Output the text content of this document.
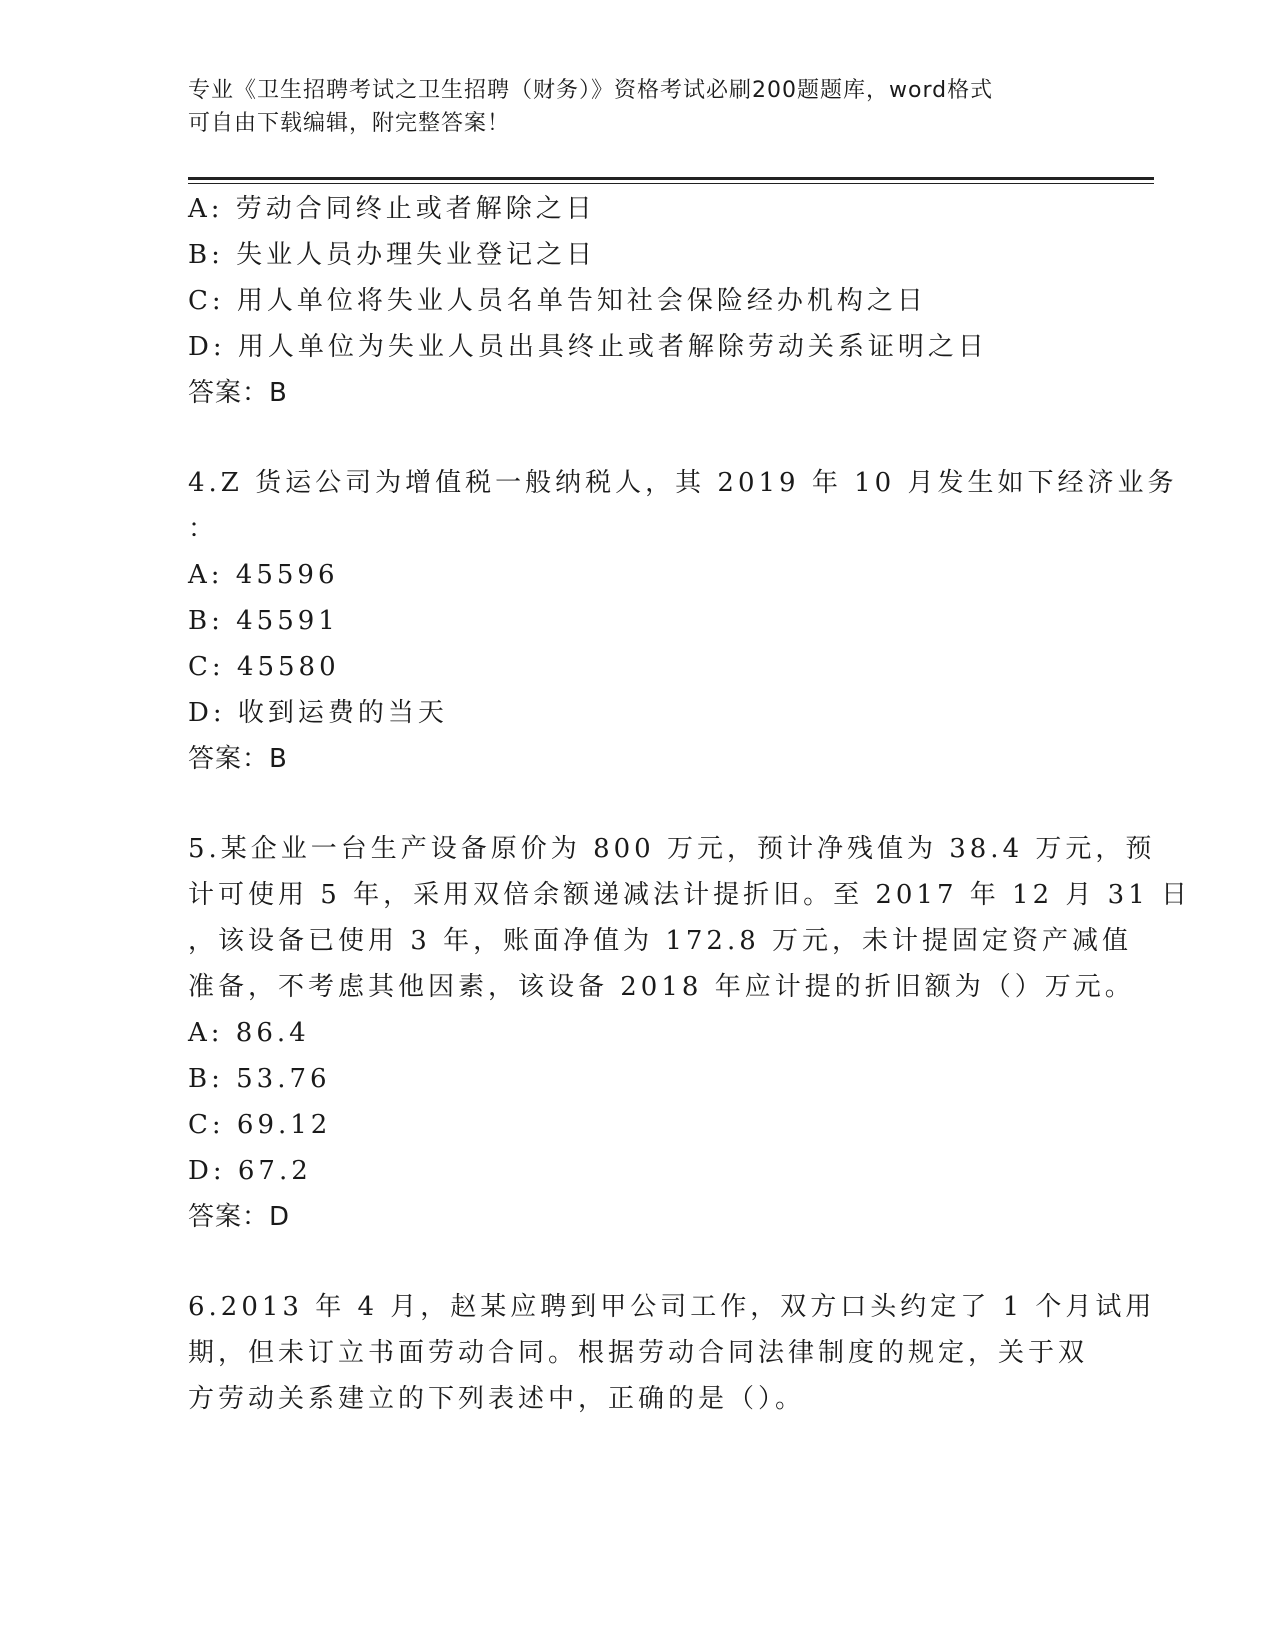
专业《卫生招聘考试之卫生招聘（财务）》资格考试必刷200题题库，word格式
可自由下载编辑，附完整答案！
A: 劳动合同终止或者解除之日
B: 失业人员办理失业登记之日
C: 用人单位将失业人员名单告知社会保险经办机构之日
D: 用人单位为失业人员出具终止或者解除劳动关系证明之日
答案：B
4.Z 货运公司为增值税一般纳税人，其 2019 年 10 月发生如下经济业务
：
A: 45596
B: 45591
C: 45580
D: 收到运费的当天
答案：B
5.某企业一台生产设备原价为 800 万元，预计净残值为 38.4 万元，预
计可使用 5 年，采用双倍余额递减法计提折旧。至 2017 年 12 月 31 日
，该设备已使用 3 年，账面净值为 172.8 万元，未计提固定资产减值
准备，不考虑其他因素，该设备 2018 年应计提的折旧额为（）万元。
A: 86.4
B: 53.76
C: 69.12
D: 67.2
答案：D
6.2013 年 4 月，赵某应聘到甲公司工作，双方口头约定了 1 个月试用
期，但未订立书面劳动合同。根据劳动合同法律制度的规定，关于双
方劳动关系建立的下列表述中，正确的是（）。
